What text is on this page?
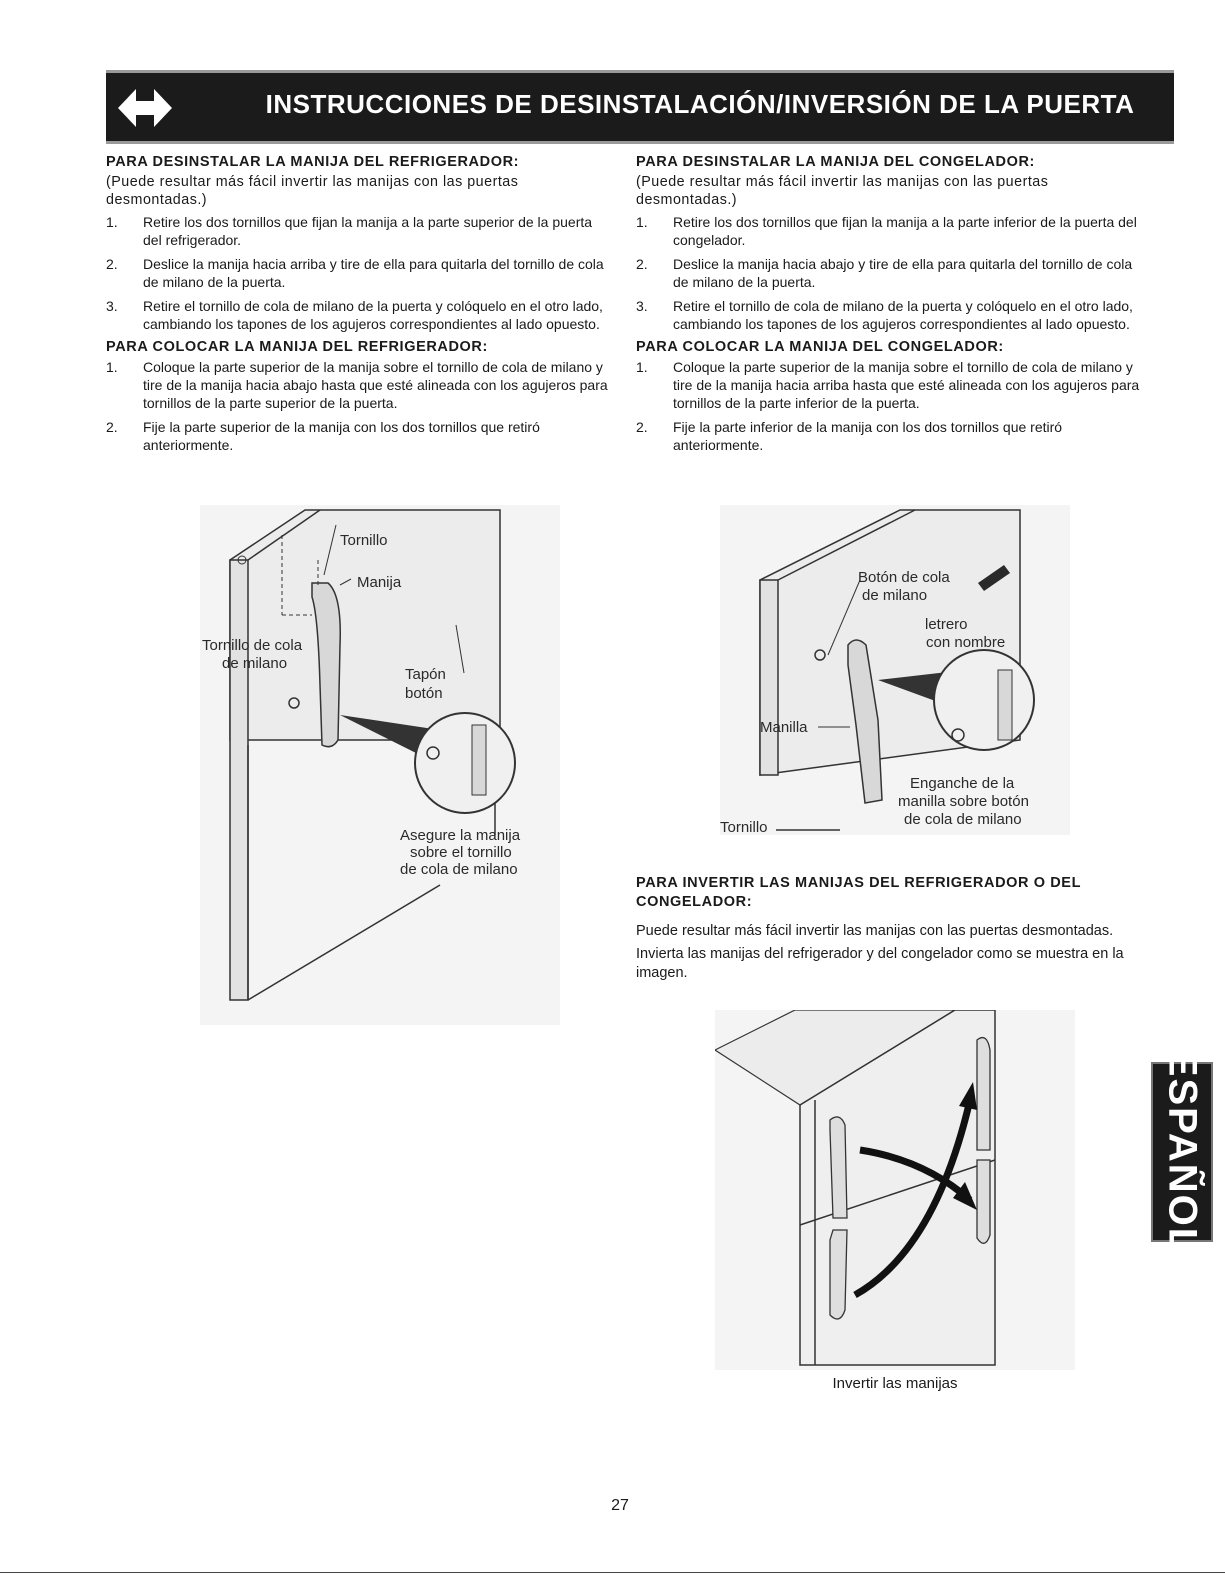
INSTRUCCIONES DE DESINSTALACIÓN/INVERSIÓN DE LA PUERTA
PARA DESINSTALAR LA MANIJA DEL REFRIGERADOR:

(Puede resultar más fácil invertir las manijas con las puertas desmontadas.)

1. Retire los dos tornillos que fijan la manija a la parte superior de la puerta del refrigerador.
2. Deslice la manija hacia arriba y tire de ella para quitarla del tornillo de cola de milano de la puerta.
3. Retire el tornillo de cola de milano de la puerta y colóquelo en el otro lado, cambiando los tapones de los agujeros correspondientes al lado opuesto.
PARA COLOCAR LA MANIJA DEL REFRIGERADOR:
1. Coloque la parte superior de la manija sobre el tornillo de cola de milano y tire de la manija hacia abajo hasta que esté alineada con los agujeros para tornillos de la parte superior de la puerta.
2. Fije la parte superior de la manija con los dos tornillos que retiró anteriormente.
PARA DESINSTALAR LA MANIJA DEL CONGELADOR:

(Puede resultar más fácil invertir las manijas con las puertas desmontadas.)

1. Retire los dos tornillos que fijan la manija a la parte inferior de la puerta del congelador.
2. Deslice la manija hacia abajo y tire de ella para quitarla del tornillo de cola de milano de la puerta.
3. Retire el tornillo de cola de milano de la puerta y colóquelo en el otro lado, cambiando los tapones de los agujeros correspondientes al lado opuesto.
PARA COLOCAR LA MANIJA DEL CONGELADOR:
1. Coloque la parte superior de la manija sobre el tornillo de cola de milano y tire de la manija hacia arriba hasta que esté alineada con los agujeros para tornillos de la parte inferior de la puerta.
2. Fije la parte inferior de la manija con los dos tornillos que retiró anteriormente.
Tornillo
Manija
Tornillo de cola
de milano
Tapón
botón
Asegure la manija
sobre el tornillo
de cola de milano
Botón de cola
de milano
letrero
con nombre
Manilla
Enganche de la
manilla sobre botón
de cola de milano
Tornillo
PARA INVERTIR LAS MANIJAS DEL REFRIGERADOR O DEL CONGELADOR:

Puede resultar más fácil invertir las manijas con las puertas desmontadas.

Invierta las manijas del refrigerador y del congelador como se muestra en la imagen.

Invertir las manijas
ESPAÑOL
27
